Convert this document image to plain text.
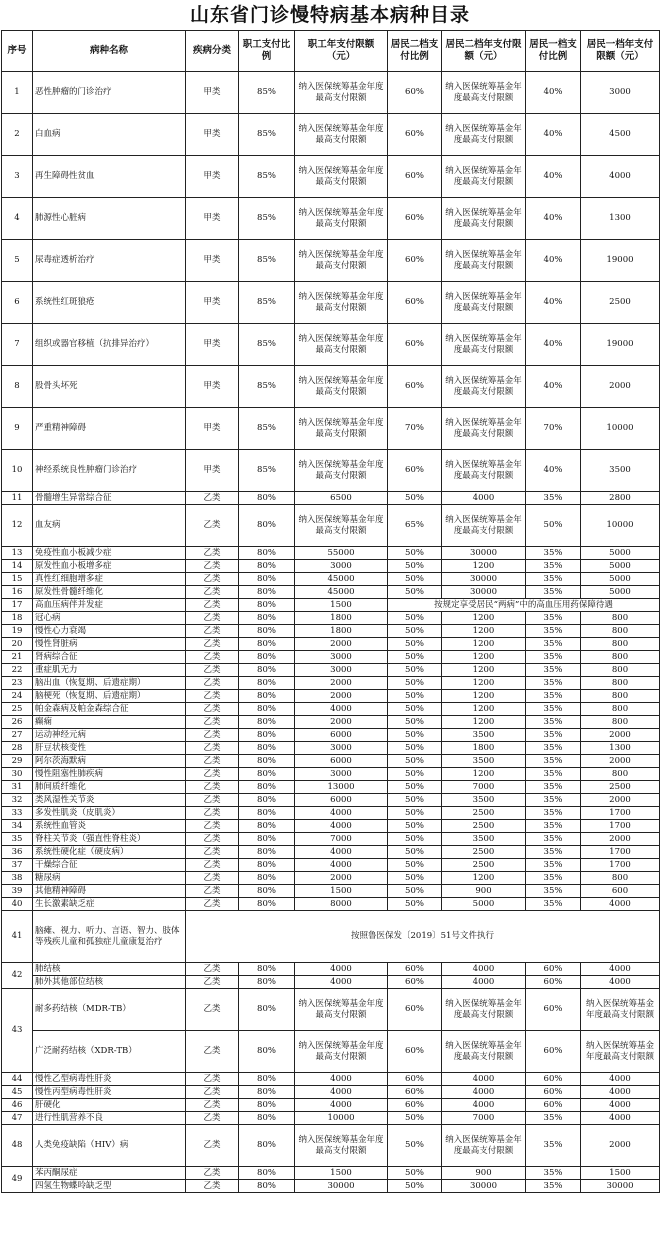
山东省门诊慢特病基本病种目录
序号	病种名称	疾病分类	职工支付比例	职工年支付限额（元）	居民二档支付比例	居民二档年支付限额（元）	居民一档支付比例	居民一档年支付限额（元）
1	恶性肿瘤的门诊治疗	甲类	85%	纳入医保统筹基金年度最高支付限额	60%	纳入医保统筹基金年度最高支付限额	40%	3000
2	白血病	甲类	85%	纳入医保统筹基金年度最高支付限额	60%	纳入医保统筹基金年度最高支付限额	40%	4500
3	再生障碍性贫血	甲类	85%	纳入医保统筹基金年度最高支付限额	60%	纳入医保统筹基金年度最高支付限额	40%	4000
4	肺源性心脏病	甲类	85%	纳入医保统筹基金年度最高支付限额	60%	纳入医保统筹基金年度最高支付限额	40%	1300
5	尿毒症透析治疗	甲类	85%	纳入医保统筹基金年度最高支付限额	60%	纳入医保统筹基金年度最高支付限额	40%	19000
6	系统性红斑狼疮	甲类	85%	纳入医保统筹基金年度最高支付限额	60%	纳入医保统筹基金年度最高支付限额	40%	2500
7	组织或器官移植（抗排异治疗）	甲类	85%	纳入医保统筹基金年度最高支付限额	60%	纳入医保统筹基金年度最高支付限额	40%	19000
8	股骨头坏死	甲类	85%	纳入医保统筹基金年度最高支付限额	60%	纳入医保统筹基金年度最高支付限额	40%	2000
9	严重精神障碍	甲类	85%	纳入医保统筹基金年度最高支付限额	70%	纳入医保统筹基金年度最高支付限额	70%	10000
10	神经系统良性肿瘤门诊治疗	甲类	85%	纳入医保统筹基金年度最高支付限额	60%	纳入医保统筹基金年度最高支付限额	40%	3500
11	骨髓增生异常综合征	乙类	80%	6500	50%	4000	35%	2800
12	血友病	乙类	80%	纳入医保统筹基金年度最高支付限额	65%	纳入医保统筹基金年度最高支付限额	50%	10000
13	免疫性血小板减少症	乙类	80%	55000	50%	30000	35%	5000
14	原发性血小板增多症	乙类	80%	3000	50%	1200	35%	5000
15	真性红细胞增多症	乙类	80%	45000	50%	30000	35%	5000
16	原发性骨髓纤维化	乙类	80%	45000	50%	30000	35%	5000
17	高血压病伴并发症	乙类	80%	1500	按规定享受居民“两病”中的高血压用药保障待遇			
18	冠心病	乙类	80%	1800	50%	1200	35%	800
19	慢性心力衰竭	乙类	80%	1800	50%	1200	35%	800
20	慢性肾脏病	乙类	80%	2000	50%	1200	35%	800
21	肾病综合征	乙类	80%	3000	50%	1200	35%	800
22	重症肌无力	乙类	80%	3000	50%	1200	35%	800
23	脑出血（恢复期、后遗症期）	乙类	80%	2000	50%	1200	35%	800
24	脑梗死（恢复期、后遗症期）	乙类	80%	2000	50%	1200	35%	800
25	帕金森病及帕金森综合征	乙类	80%	4000	50%	1200	35%	800
26	癫痫	乙类	80%	2000	50%	1200	35%	800
27	运动神经元病	乙类	80%	6000	50%	3500	35%	2000
28	肝豆状核变性	乙类	80%	3000	50%	1800	35%	1300
29	阿尔茨海默病	乙类	80%	6000	50%	3500	35%	2000
30	慢性阻塞性肺疾病	乙类	80%	3000	50%	1200	35%	800
31	肺间质纤维化	乙类	80%	13000	50%	7000	35%	2500
32	类风湿性关节炎	乙类	80%	6000	50%	3500	35%	2000
33	多发性肌炎（皮肌炎）	乙类	80%	4000	50%	2500	35%	1700
34	系统性血管炎	乙类	80%	4000	50%	2500	35%	1700
35	脊柱关节炎（强直性脊柱炎）	乙类	80%	7000	50%	3500	35%	2000
36	系统性硬化症（硬皮病）	乙类	80%	4000	50%	2500	35%	1700
37	干燥综合征	乙类	80%	4000	50%	2500	35%	1700
38	糖尿病	乙类	80%	2000	50%	1200	35%	800
39	其他精神障碍	乙类	80%	1500	50%	900	35%	600
40	生长激素缺乏症	乙类	80%	8000	50%	5000	35%	4000
41	脑瘫、视力、听力、言语、智力、肢体等残疾儿童和孤独症儿童康复治疗	按照鲁医保发〔2019〕51号文件执行						
42	肺结核	乙类	80%	4000	60%	4000	60%	4000
	肺外其他部位结核	乙类	80%	4000	60%	4000	60%	4000
43	耐多药结核（MDR-TB）	乙类	80%	纳入医保统筹基金年度最高支付限额	60%	纳入医保统筹基金年度最高支付限额	60%	纳入医保统筹基金年度最高支付限额
	广泛耐药结核（XDR-TB）	乙类	80%	纳入医保统筹基金年度最高支付限额	60%	纳入医保统筹基金年度最高支付限额	60%	纳入医保统筹基金年度最高支付限额
44	慢性乙型病毒性肝炎	乙类	80%	4000	60%	4000	60%	4000
45	慢性丙型病毒性肝炎	乙类	80%	4000	60%	4000	60%	4000
46	肝硬化	乙类	80%	4000	60%	4000	60%	4000
47	进行性肌营养不良	乙类	80%	10000	50%	7000	35%	4000
48	人类免疫缺陷（HIV）病	乙类	80%	纳入医保统筹基金年度最高支付限额	50%	纳入医保统筹基金年度最高支付限额	35%	2000
49	苯丙酮尿症	乙类	80%	1500	50%	900	35%	1500
	四氢生物蝶呤缺乏型	乙类	80%	30000	50%	30000	35%	30000
